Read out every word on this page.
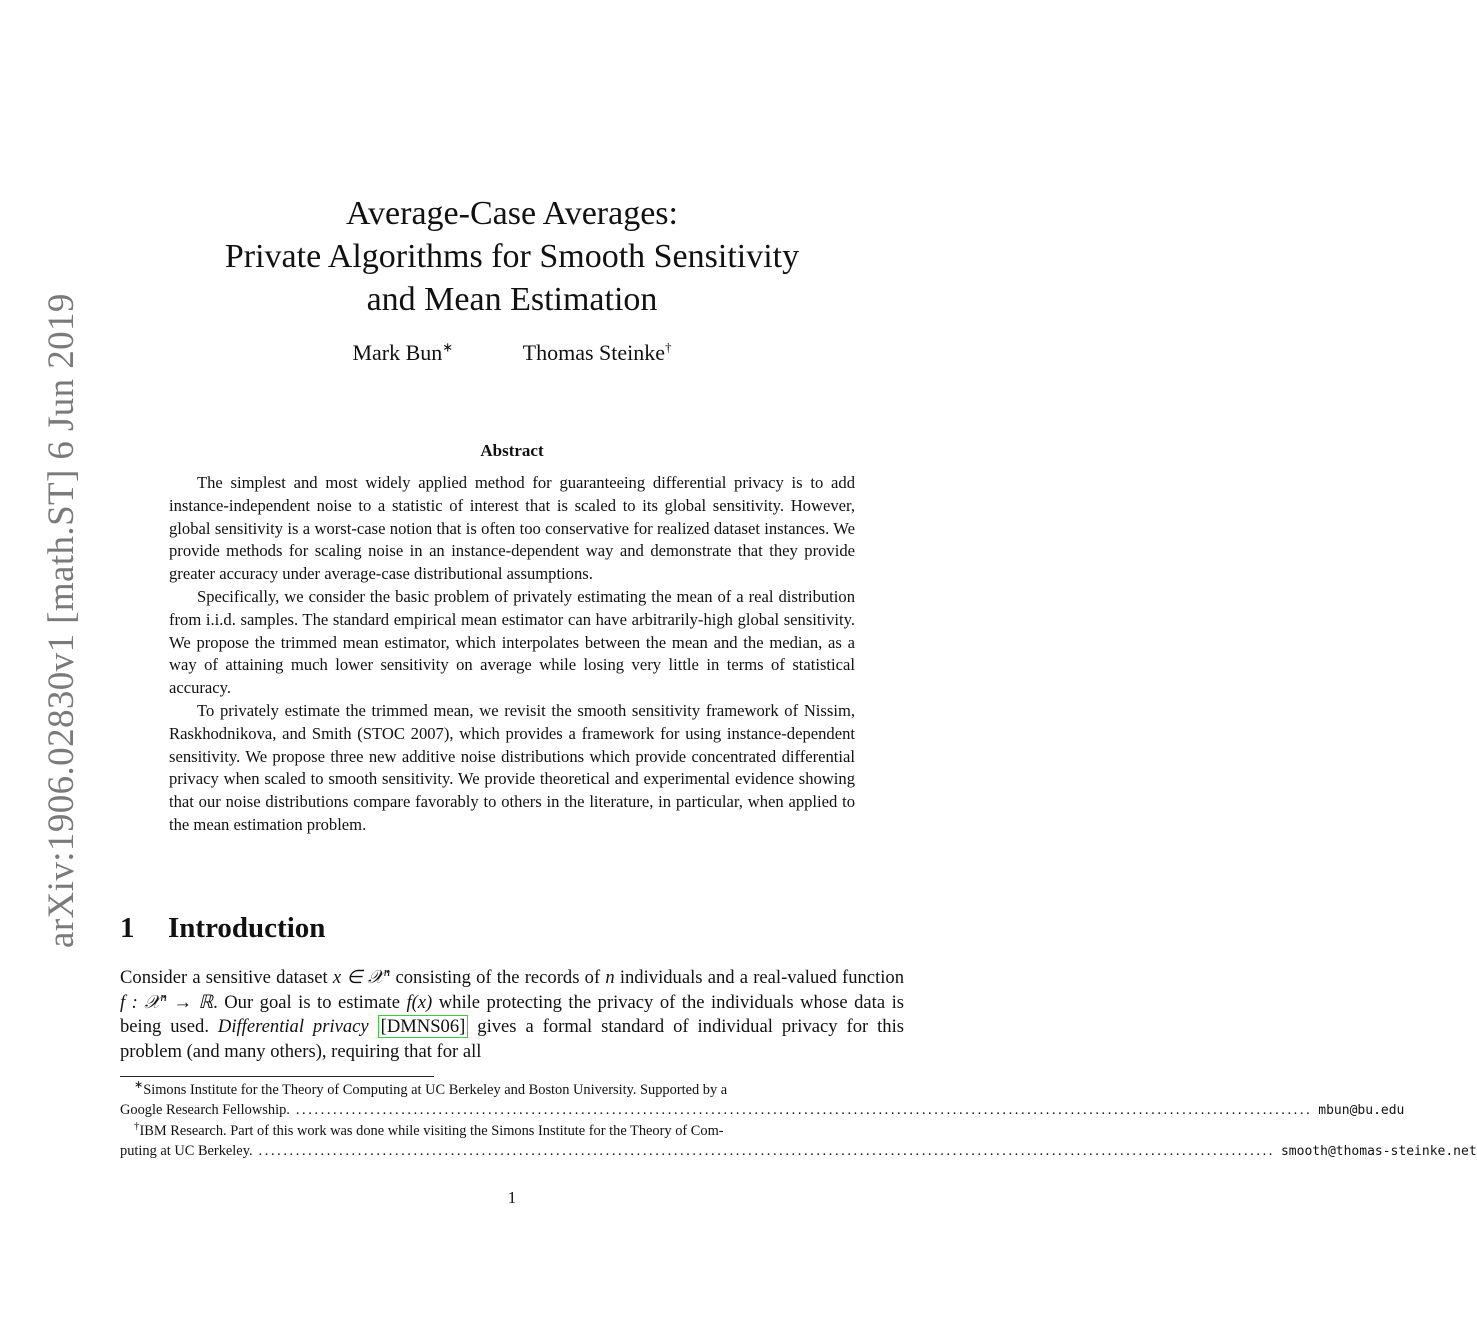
arXiv:1906.02830v1 [math.ST] 6 Jun 2019
Average-Case Averages:
Private Algorithms for Smooth Sensitivity
and Mean Estimation
Mark Bun∗	Thomas Steinke†
Abstract

The simplest and most widely applied method for guaranteeing differential privacy is to add instance-independent noise to a statistic of interest that is scaled to its global sensitivity. However, global sensitivity is a worst-case notion that is often too conservative for realized dataset instances. We provide methods for scaling noise in an instance-dependent way and demonstrate that they provide greater accuracy under average-case distributional assumptions.

Specifically, we consider the basic problem of privately estimating the mean of a real distribution from i.i.d. samples. The standard empirical mean estimator can have arbitrarily-high global sensitivity. We propose the trimmed mean estimator, which interpolates between the mean and the median, as a way of attaining much lower sensitivity on average while losing very little in terms of statistical accuracy.

To privately estimate the trimmed mean, we revisit the smooth sensitivity framework of Nissim, Raskhodnikova, and Smith (STOC 2007), which provides a framework for using instance-dependent sensitivity. We propose three new additive noise distributions which provide concentrated differential privacy when scaled to smooth sensitivity. We provide theoretical and experimental evidence showing that our noise distributions compare favorably to others in the literature, in particular, when applied to the mean estimation problem.

1 Introduction

Consider a sensitive dataset x ∈ 𝒳$^n$ consisting of the records of n individuals and a real-valued function f : 𝒳$^n$ → ℝ. Our goal is to estimate f(x) while protecting the privacy of the individuals whose data is being used. Differential privacy [DMNS06] gives a formal standard of individual privacy for this problem (and many others), requiring that for all

∗Simons Institute for the Theory of Computing at UC Berkeley and Boston University. Supported by a

Google Research Fellowship. .................................................................................................................................................................... mbun@bu.edu

†IBM Research. Part of this work was done while visiting the Simons Institute for the Theory of Com-

puting at UC Berkeley. .................................................................................................................................................................... smooth@thomas-steinke.net
1
